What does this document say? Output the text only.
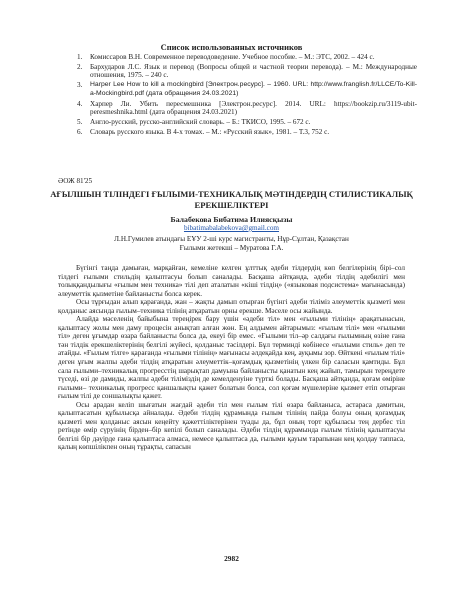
Список использованных источников
1.	Комиссаров В.Н. Современное переводоведение. Учебное пособие. – М.: ЭТС, 2002. – 424 с.
2.	Бархударов Л.С. Язык и перевод (Вопросы общей и частной теории перевода). – М.: Международные отношения, 1975. – 240 с.
3.	Harper Lee How to kill a mockingbird [Электрон.ресурс]. – 1960. URL: http://www.franglish.fr/LLCE/To-Kill-a-Mockingbird.pdf (дата обращения 24.03.2021)
4.	Харпер Ли. Убить пересмешника [Электрон.ресурс]. 2014. URL: https://bookzip.ru/3119-ubit-peresmeshnika.html (дата обращения 24.03.2021)
5.	Англо-русский, русско-английский словарь. – Б.: ТКИСО, 1995. – 672 с.
6.	Словарь русского языка. В 4-х томах. – М.: «Русский язык», 1981. – Т.3, 752 с.
ӘОЖ 81'25
АҒЫЛШЫН ТІЛІНДЕГІ ҒЫЛЫМИ-ТЕХНИКАЛЫҚ МӘТІНДЕРДІҢ СТИЛИСТИКАЛЫҚ ЕРЕКШЕЛІКТЕРІ
Балабекова Бибатима Илиясқызы
bibatimabalabekova@gmail.com
Л.Н.Гумилев атындағы ЕҰУ 2-ші курс магистранты, Нұр-Сұлтан, Қазақстан
Ғылыми жетекші – Муратова Г.А.

Бүгінгі таңда дамыған, марқайған, кемеліне келген ұлттық әдеби тілдердің көп белгілерінің бірі–сол тілдегі ғылыми стильдің қалыптасуы болып саналады. Басқаша айтқанда, әдеби тілдің әдебилігі мен толыққандылығы «ғылым мен техника» тілі деп аталатын «кіші тілдің» («языковая подсистема» мағынасында) әлеуметтік қызметіне байланысты болса керек.

Осы тұрғыдан алып қарағанда, жан – жақты дамып отырған бүгінгі әдеби тіліміз әлеуметтік қызметі мен қолданыс аясында ғылым–техника тілінің атқаратын орны ерекше. Мәселе осы жайында.

Алайда мәселенің байыбына тереңірек бару үшін «әдеби тіл» мен «ғылыми тілінің» арақатынасын, қалыптасу жолы мен даму процесін анықтап алған жөн. Ең алдымен айтарымыз: «ғылым тілі» мен «ғылыми тіл» деген ұғымдар өзара байланысты болса да, екеуі бір емес. «Ғылыми тіл–әр салдағы ғылымның өзіне ғана тән тілдік ерекшеліктерінің белгілі жүйесі, қолданыс тәсілдері. Бұл терминді көбінесе «ғылыми стиль» деп те атайды. «Ғылым тілге» қарағанда «ғылыми тілінің» мағынасы әлдеқайда кең, ауқымы зор. Өйткені «ғылым тілі» деген ұғым жалпы әдеби тілдің атқаратын әлеуметтік–қоғамдық қызметінің үлкен бір саласын қамтиды. Бұл сала ғылыми–техникалық прогресстің шарықтап дамуына байланысты қанатын кең жайып, тамырын тереңдете түседі, өзі де дамиды, жалпы әдеби тіліміздің де кемелденуіне түрткі болады. Басқаша айтқанда, қоғам өміріне ғылыми– техникалық прогресс қаншалықты қажет болатын болса, сол қоғам мүшелеріне қызмет етіп отырған ғылым тілі де соншалықты қажет.

Осы арадан келіп шығатын жағдай әдеби тіл мен ғылым тілі өзара байланыса, астараса дамитын, қалыптасатын құбылысқа айналады. Әдеби тілдің құрамында ғылым тілінің пайда болуы оның қоғамдық қызметі мен қолданыс аясын кеңейту қажеттіліктерінен туады да, бұл оның торт құбыласы тең дербес тіл ретінде өмір сүруінің бірден–бір кепілі болып саналады. Әдеби тілдің құрамында ғылым тілінің қалыптасуы белгілі бір дәуірде ғана қалыптаса алмаса, немесе қалыптаса да, ғылыми қауым тарапынан кең қолдау таппаса, қалың көпшілікпен оның тұрақты, сапасын

2982
